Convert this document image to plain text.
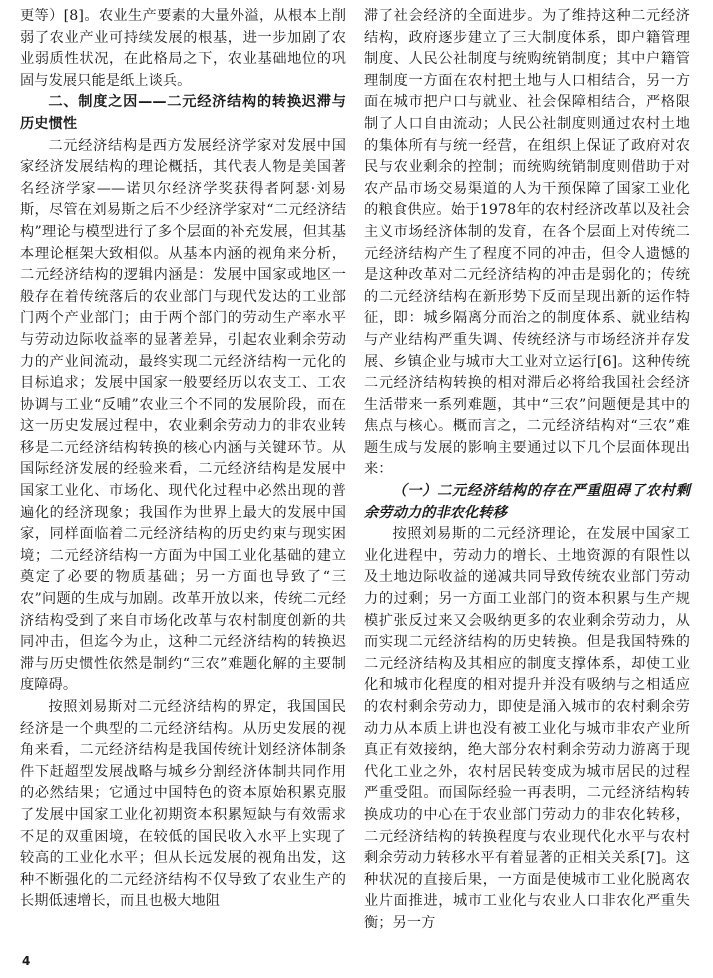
更等）[8]。农业生产要素的大量外溢，从根本上削弱了农业产业可持续发展的根基，进一步加剧了农业弱质性状况，在此格局之下，农业基础地位的巩固与发展只能是纸上谈兵。

二、制度之因——二元经济结构的转换迟滞与历史惯性

二元经济结构是西方发展经济学家对发展中国家经济发展结构的理论概括，其代表人物是美国著名经济学家——诺贝尔经济学奖获得者阿瑟·刘易斯，尽管在刘易斯之后不少经济学家对“二元经济结构”理论与模型进行了多个层面的补充发展，但其基本理论框架大致相似。从基本内涵的视角来分析，二元经济结构的逻辑内涵是：发展中国家或地区一般存在着传统落后的农业部门与现代发达的工业部门两个产业部门；由于两个部门的劳动生产率水平与劳动边际收益率的显著差异，引起农业剩余劳动力的产业间流动，最终实现二元经济结构一元化的目标追求；发展中国家一般要经历以农支工、工农协调与工业“反哺”农业三个不同的发展阶段，而在这一历史发展过程中，农业剩余劳动力的非农业转移是二元经济结构转换的核心内涵与关键环节。从国际经济发展的经验来看，二元经济结构是发展中国家工业化、市场化、现代化过程中必然出现的普遍化的经济现象；我国作为世界上最大的发展中国家，同样面临着二元经济结构的历史约束与现实困境；二元经济结构一方面为中国工业化基础的建立奠定了必要的物质基础；另一方面也导致了“三农”问题的生成与加剧。改革开放以来，传统二元经济结构受到了来自市场化改革与农村制度创新的共同冲击，但迄今为止，这种二元经济结构的转换迟滞与历史惯性依然是制约“三农”难题化解的主要制度障碍。

按照刘易斯对二元经济结构的界定，我国国民经济是一个典型的二元经济结构。从历史发展的视角来看，二元经济结构是我国传统计划经济体制条件下赶超型发展战略与城乡分割经济体制共同作用的必然结果；它通过中国特色的资本原始积累克服了发展中国家工业化初期资本积累短缺与有效需求不足的双重困境，在较低的国民收入水平上实现了较高的工业化水平；但从长远发展的视角出发，这种不断强化的二元经济结构不仅导致了农业生产的长期低速增长，而且也极大地阻

滞了社会经济的全面进步。为了维持这种二元经济结构，政府逐步建立了三大制度体系，即户籍管理制度、人民公社制度与统购统销制度；其中户籍管理制度一方面在农村把土地与人口相结合，另一方面在城市把户口与就业、社会保障相结合，严格限制了人口自由流动；人民公社制度则通过农村土地的集体所有与统一经营，在组织上保证了政府对农民与农业剩余的控制；而统购统销制度则借助于对农产品市场交易渠道的人为干预保障了国家工业化的粮食供应。始于1978年的农村经济改革以及社会主义市场经济体制的发育，在各个层面上对传统二元经济结构产生了程度不同的冲击，但令人遗憾的是这种改革对二元经济结构的冲击是弱化的；传统的二元经济结构在新形势下反而呈现出新的运作特征，即：城乡隔离分而治之的制度体系、就业结构与产业结构严重失调、传统经济与市场经济并存发展、乡镇企业与城市大工业对立运行[6]。这种传统二元经济结构转换的相对滞后必将给我国社会经济生活带来一系列难题，其中“三农”问题便是其中的焦点与核心。概而言之，二元经济结构对“三农”难题生成与发展的影响主要通过以下几个层面体现出来：

（一）二元经济结构的存在严重阻碍了农村剩余劳动力的非农化转移

按照刘易斯的二元经济理论，在发展中国家工业化进程中，劳动力的增长、土地资源的有限性以及土地边际收益的递减共同导致传统农业部门劳动力的过剩；另一方面工业部门的资本积累与生产规模扩张反过来又会吸纳更多的农业剩余劳动力，从而实现二元经济结构的历史转换。但是我国特殊的二元经济结构及其相应的制度支撑体系，却使工业化和城市化程度的相对提升并没有吸纳与之相适应的农村剩余劳动力，即使是涌入城市的农村剩余劳动力从本质上讲也没有被工业化与城市非农产业所真正有效接纳，绝大部分农村剩余劳动力游离于现代化工业之外，农村居民转变成为城市居民的过程严重受阻。而国际经验一再表明，二元经济结构转换成功的中心在于农业部门劳动力的非农化转移，二元经济结构的转换程度与农业现代化水平与农村剩余劳动力转移水平有着显著的正相关关系[7]。这种状况的直接后果，一方面是使城市工业化脱离农业片面推进，城市工业化与农业人口非农化严重失衡；另一方

4
